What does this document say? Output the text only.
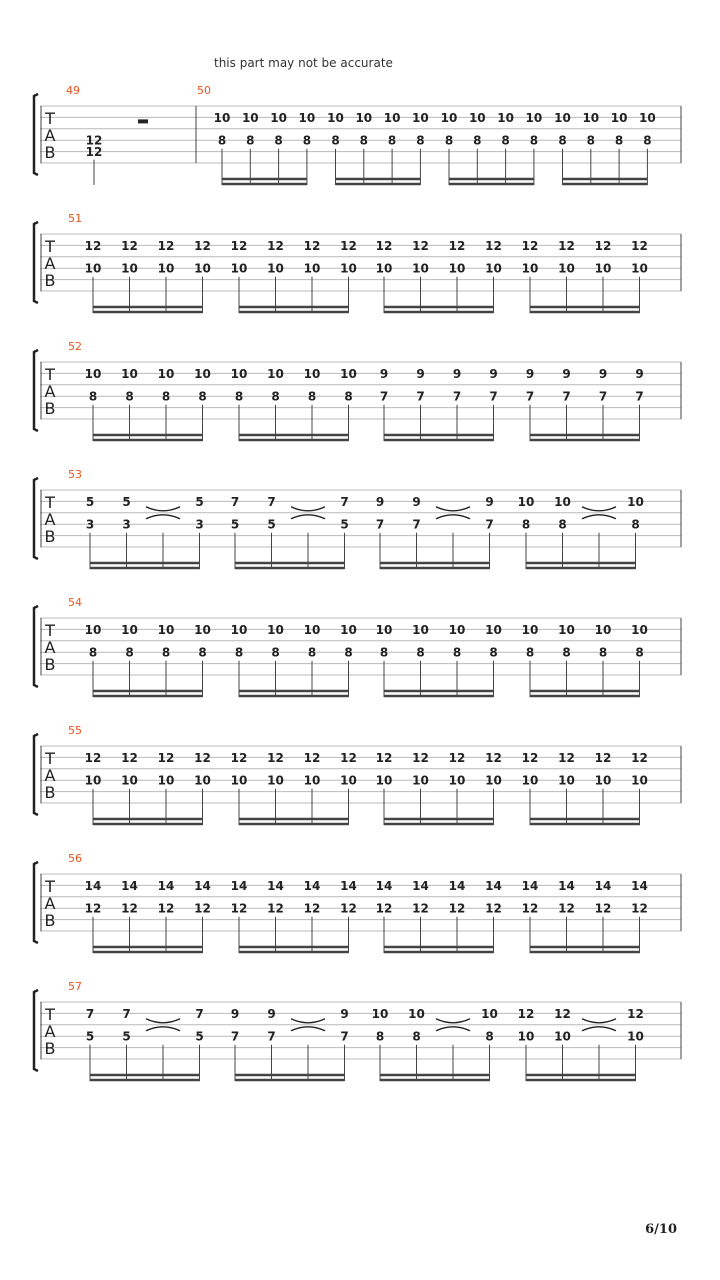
this part may not be accurate
T
A
B
49	50
12
12
10
8
10
8
10
8
10
8
10
8
10
8
10
8
10
8
10
8
10
8
10
8
10
8
10
8
10
8
10
8
10
8
T
A
B
51
12
10
12
10
12
10
12
10
12
10
12
10
12
10
12
10
12
10
12
10
12
10
12
10
12
10
12
10
12
10
12
10
T
A
B
52
10
8
10
8
10
8
10
8
10
8
10
8
10
8
10
8
9
7
9
7
9
7
9
7
9
7
9
7
9
7
9
7
T
A
B
53
5
3
5
3
5
3
7
5
7
5
7
5
9
7
9
7
9
7
10
8
10
8
10
8
T
A
B
54
10
8
10
8
10
8
10
8
10
8
10
8
10
8
10
8
10
8
10
8
10
8
10
8
10
8
10
8
10
8
10
8
T
A
B
55
12
10
12
10
12
10
12
10
12
10
12
10
12
10
12
10
12
10
12
10
12
10
12
10
12
10
12
10
12
10
12
10
T
A
B
56
14
12
14
12
14
12
14
12
14
12
14
12
14
12
14
12
14
12
14
12
14
12
14
12
14
12
14
12
14
12
14
12
T
A
B
57
7
5
7
5
7
5
9
7
9
7
9
7
10
8
10
8
10
8
12
10
12
10
12
10
6/10
